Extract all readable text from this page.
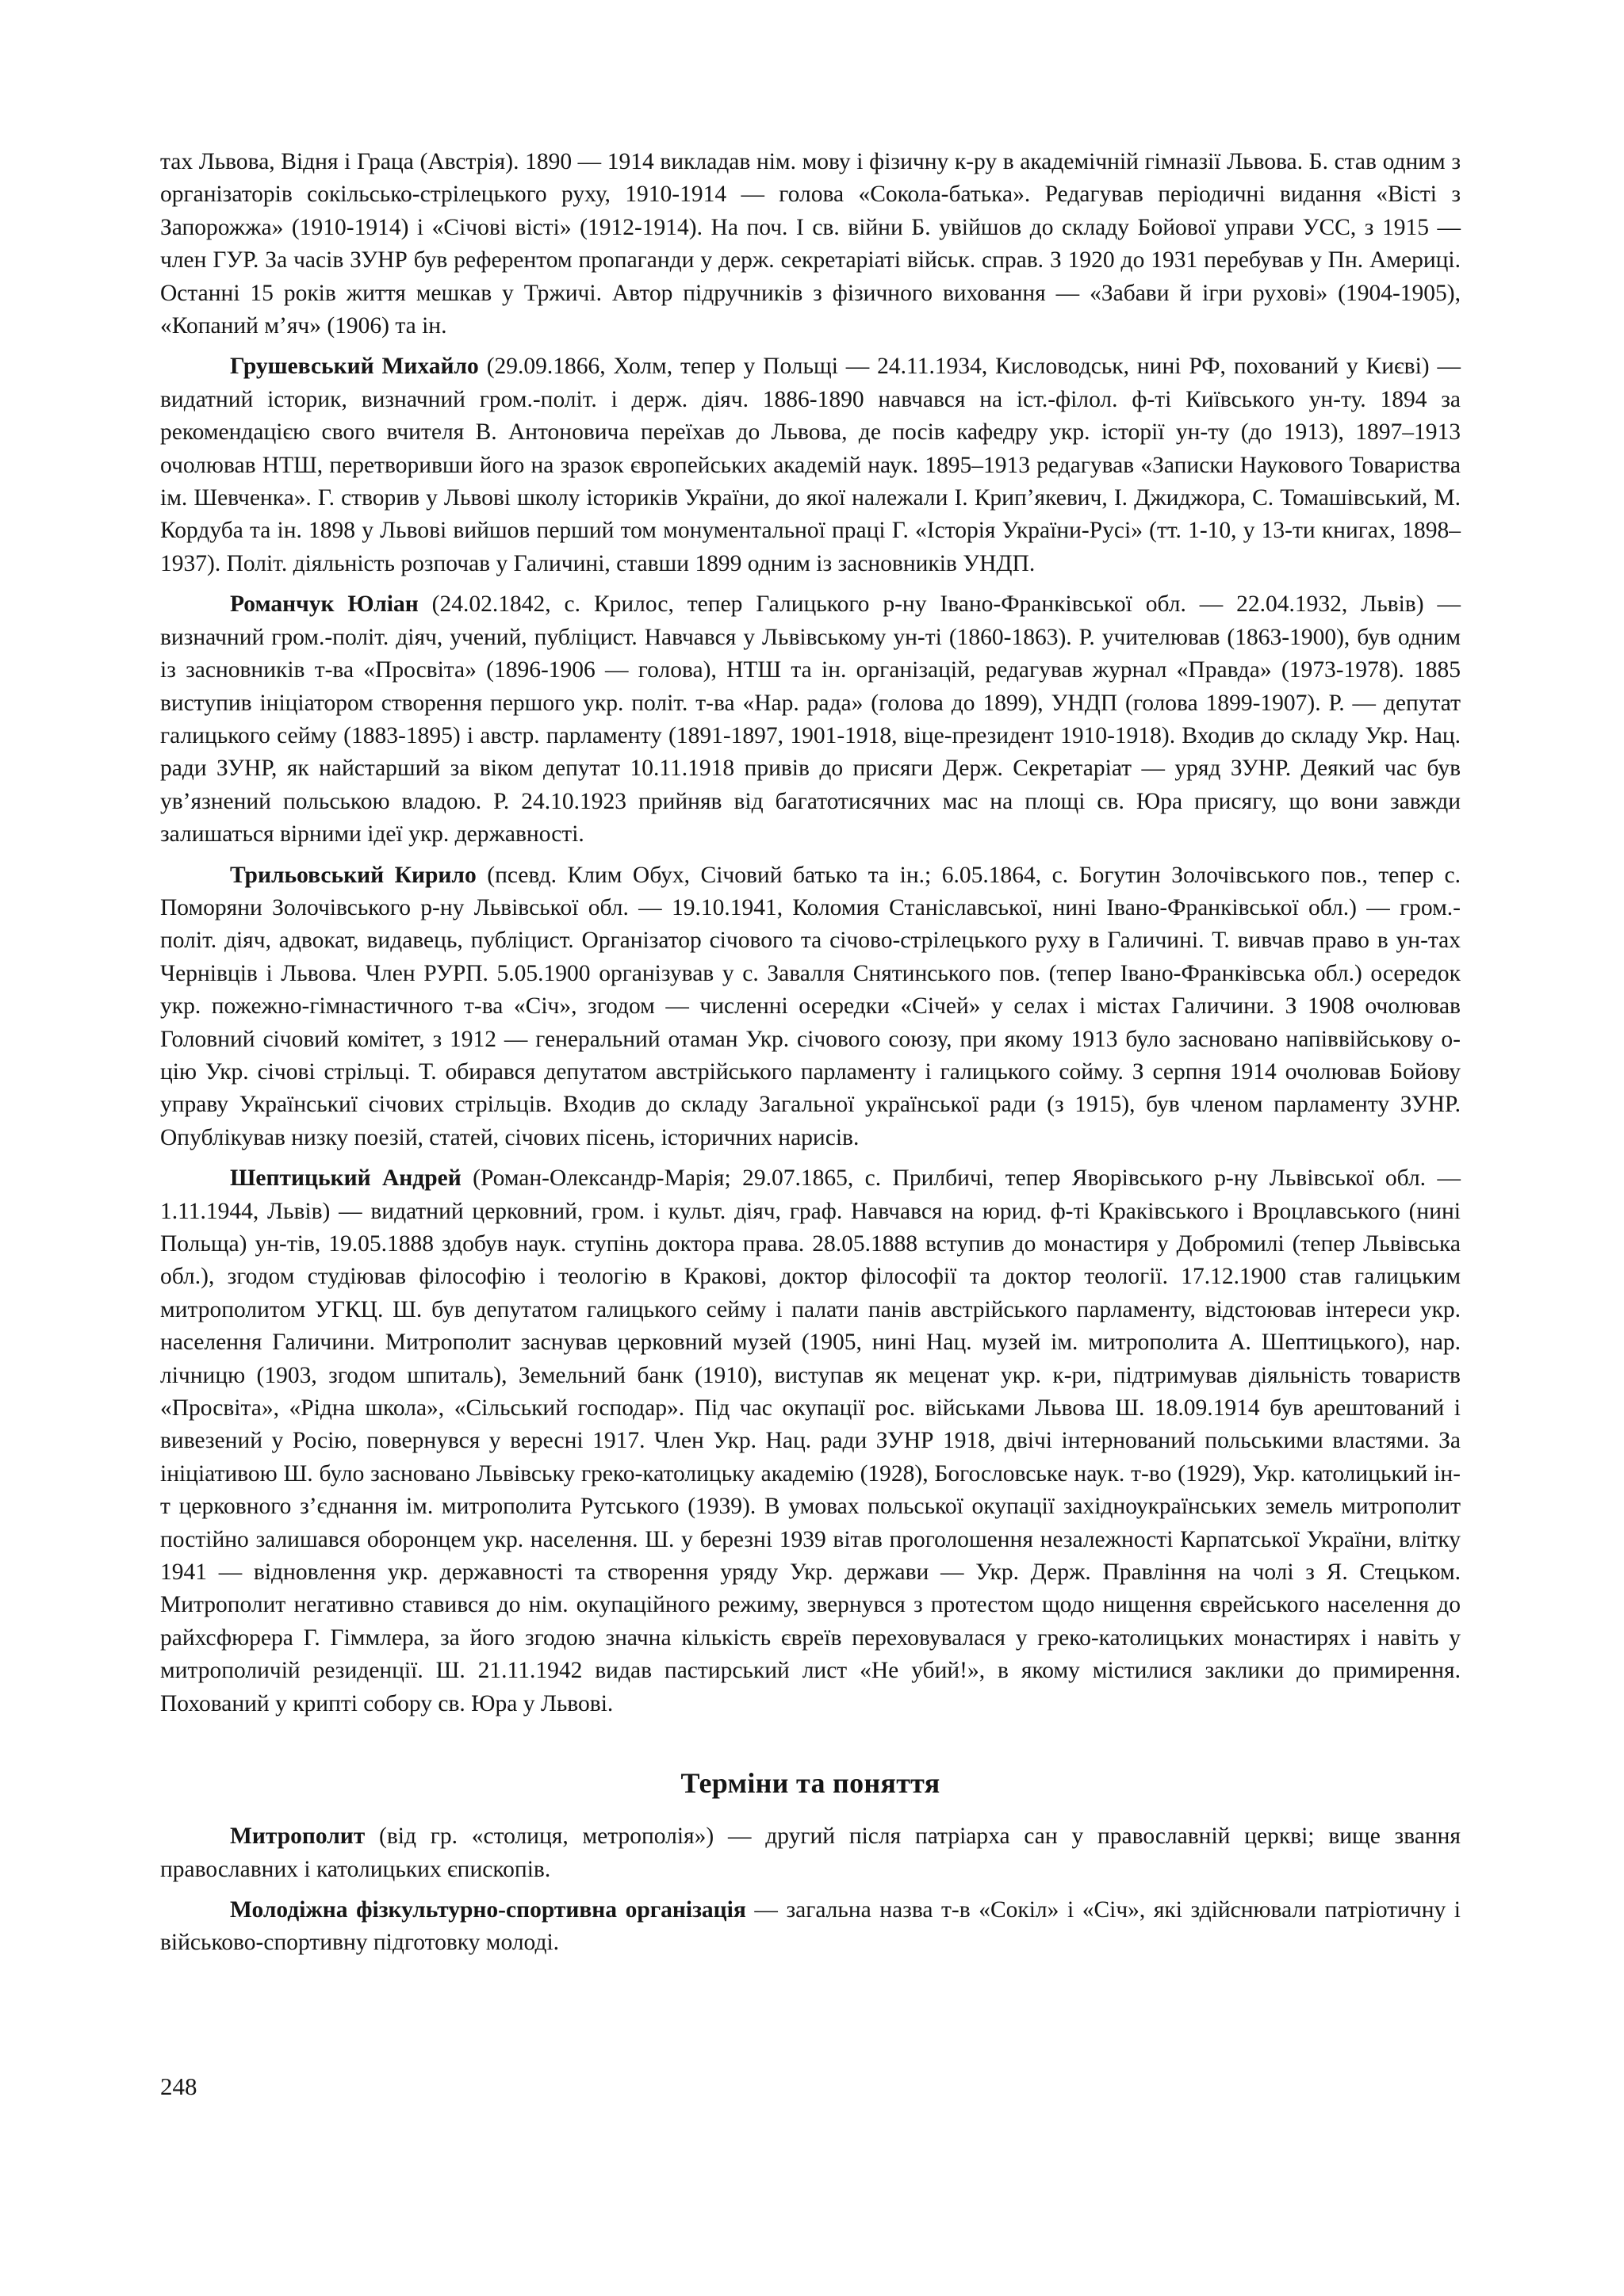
тах Львова, Відня і Граца (Австрія). 1890 — 1914 викладав нім. мову і фізичну к-ру в академічній гімназії Львова. Б. став одним з організаторів сокільсько-стрілецького руху, 1910-1914 — голова «Сокола-батька». Редагував періодичні видання «Вісті з Запорожжа» (1910-1914) і «Січові вісті» (1912-1914). На поч. І св. війни Б. увійшов до складу Бойової управи УСС, з 1915 — член ГУР. За часів ЗУНР був референтом пропаганди у держ. секретаріаті військ. справ. З 1920 до 1931 перебував у Пн. Америці. Останні 15 років життя мешкав у Тржичі. Автор підручників з фізичного виховання — «Забави й ігри рухові» (1904-1905), «Копаний м’яч» (1906) та ін.

Грушевський Михайло (29.09.1866, Холм, тепер у Польщі — 24.11.1934, Кисловодськ, нині РФ, похований у Києві) — видатний історик, визначний гром.-політ. і держ. діяч. 1886-1890 навчався на іст.-філол. ф-ті Київського ун-ту. 1894 за рекомендацією свого вчителя В. Антоновича переїхав до Львова, де посів кафедру укр. історії ун-ту (до 1913), 1897–1913 очолював НТШ, перетворивши його на зразок європейських академій наук. 1895–1913 редагував «Записки Наукового Товариства ім. Шевченка». Г. створив у Львові школу істориків України, до якої належали І. Крип’якевич, І. Джиджора, С. Томашівський, М. Кордуба та ін. 1898 у Львові вийшов перший том монументальної праці Г. «Історія України-Русі» (тт. 1-10, у 13-ти книгах, 1898–1937). Політ. діяльність розпочав у Галичині, ставши 1899 одним із засновників УНДП.

Романчук Юліан (24.02.1842, с. Крилос, тепер Галицького р-ну Івано-Франківської обл. — 22.04.1932, Львів) — визначний гром.-політ. діяч, учений, публіцист. Навчався у Львівському ун-ті (1860-1863). Р. учителював (1863-1900), був одним із засновників т-ва «Просвіта» (1896-1906 — голова), НТШ та ін. організацій, редагував журнал «Правда» (1973-1978). 1885 виступив ініціатором створення першого укр. політ. т-ва «Нар. рада» (голова до 1899), УНДП (голова 1899-1907). Р. — депутат галицького сейму (1883-1895) і австр. парламенту (1891-1897, 1901-1918, віце-президент 1910-1918). Входив до складу Укр. Нац. ради ЗУНР, як найстарший за віком депутат 10.11.1918 привів до присяги Держ. Секретаріат — уряд ЗУНР. Деякий час був ув’язнений польською владою. Р. 24.10.1923 прийняв від багатотисячних мас на площі св. Юра присягу, що вони завжди залишаться вірними ідеї укр. державності.

Трильовський Кирило (псевд. Клим Обух, Січовий батько та ін.; 6.05.1864, с. Богутин Золочівського пов., тепер с. Поморяни Золочівського р-ну Львівської обл. — 19.10.1941, Коломия Станіславської, нині Івано-Франківської обл.) — гром.-політ. діяч, адвокат, видавець, публіцист. Організатор січового та січово-стрілецького руху в Галичині. Т. вивчав право в ун-тах Чернівців і Львова. Член РУРП. 5.05.1900 організував у с. Завалля Снятинського пов. (тепер Івано-Франківська обл.) осередок укр. пожежно-гімнастичного т-ва «Січ», згодом — численні осередки «Січей» у селах і містах Галичини. З 1908 очолював Головний січовий комітет, з 1912 — генеральний отаман Укр. січового союзу, при якому 1913 було засновано напіввійськову о-цію Укр. січові стрільці. Т. обирався депутатом австрійського парламенту і галицького сойму. З серпня 1914 очолював Бойову управу Українськиї січових стрільців. Входив до складу Загальної української ради (з 1915), був членом парламенту ЗУНР. Опублікував низку поезій, статей, січових пісень, історичних нарисів.

Шептицький Андрей (Роман-Олександр-Марія; 29.07.1865, с. Прилбичі, тепер Яворівського р-ну Львівської обл. — 1.11.1944, Львів) — видатний церковний, гром. і культ. діяч, граф. Навчався на юрид. ф-ті Краківського і Вроцлавського (нині Польща) ун-тів, 19.05.1888 здобув наук. ступінь доктора права. 28.05.1888 вступив до монастиря у Добромилі (тепер Львівська обл.), згодом студіював філософію і теологію в Кракові, доктор філософії та доктор теології. 17.12.1900 став галицьким митрополитом УГКЦ. Ш. був депутатом галицького сейму і палати панів австрійського парламенту, відстоював інтереси укр. населення Галичини. Митрополит заснував церковний музей (1905, нині Нац. музей ім. митрополита А. Шептицького), нар. лічницю (1903, згодом шпиталь), Земельний банк (1910), виступав як меценат укр. к-ри, підтримував діяльність товариств «Просвіта», «Рідна школа», «Сільський господар». Під час окупації рос. військами Львова Ш. 18.09.1914 був арештований і вивезений у Росію, повернувся у вересні 1917. Член Укр. Нац. ради ЗУНР 1918, двічі інтернований польськими властями. За ініціативою Ш. було засновано Львівську греко-католицьку академію (1928), Богословське наук. т-во (1929), Укр. католицький ін-т церковного з’єднання ім. митрополита Рутського (1939). В умовах польської окупації західноукраїнських земель митрополит постійно залишався оборонцем укр. населення. Ш. у березні 1939 вітав проголошення незалежності Карпатської України, влітку 1941 — відновлення укр. державності та створення уряду Укр. держави — Укр. Держ. Правління на чолі з Я. Стецьком. Митрополит негативно ставився до нім. окупаційного режиму, звернувся з протестом щодо нищення єврейського населення до райхсфюрера Г. Гіммлера, за його згодою значна кількість євреїв переховувалася у греко-католицьких монастирях і навіть у митрополичій резиденції. Ш. 21.11.1942 видав пастирський лист «Не убий!», в якому містилися заклики до примирення. Похований у крипті собору св. Юра у Львові.

Терміни та поняття

Митрополит (від гр. «столиця, метрополія») — другий після патріарха сан у православній церкві; вище звання православних і католицьких єпископів.

Молодіжна фізкультурно-спортивна організація — загальна назва т-в «Сокіл» і «Січ», які здійснювали патріотичну і військово-спортивну підготовку молоді.

248
